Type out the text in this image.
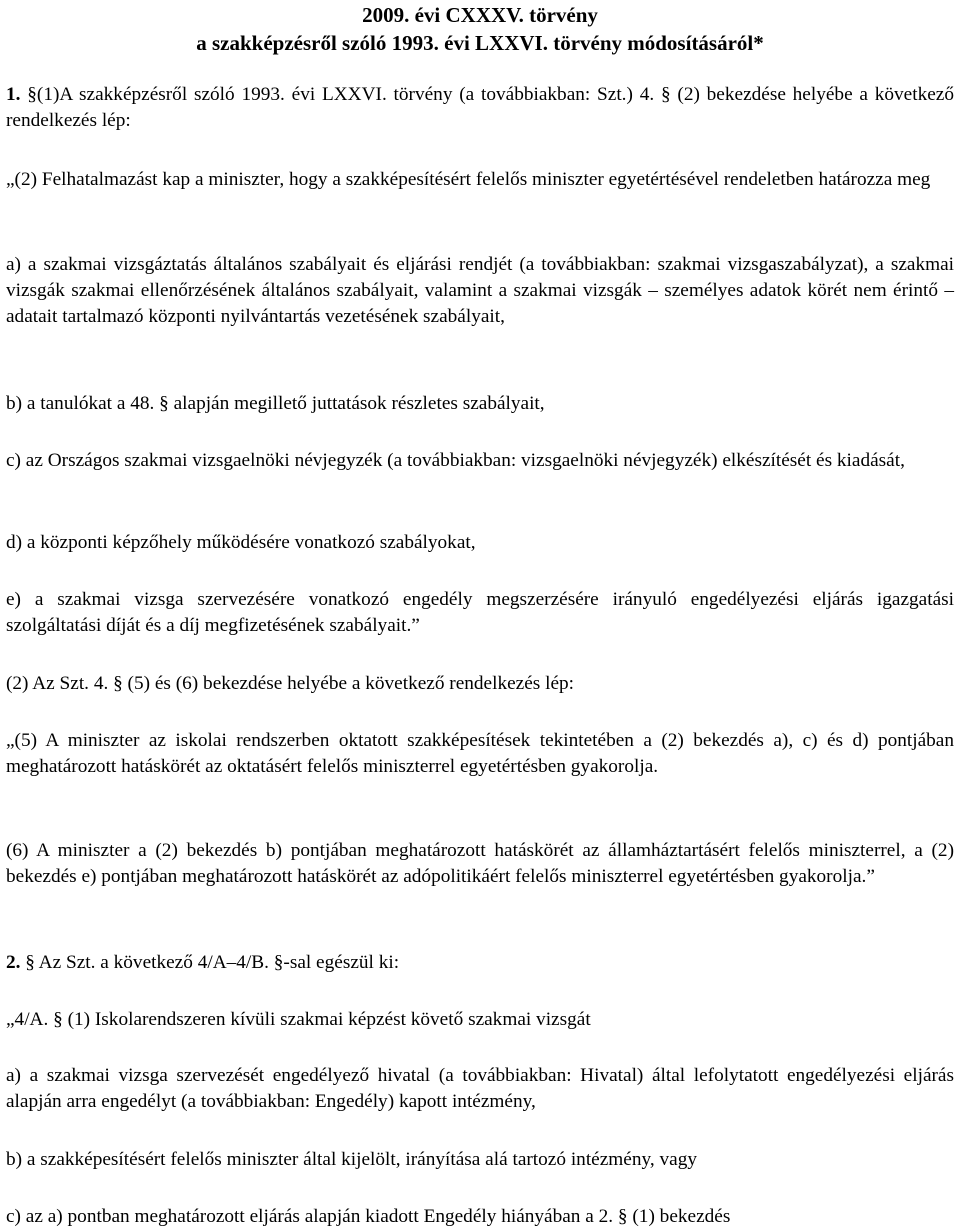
2009. évi CXXXV. törvény
a szakképzésről szóló 1993. évi LXXVI. törvény módosításáról*
1. §(1)A szakképzésről szóló 1993. évi LXXVI. törvény (a továbbiakban: Szt.) 4. § (2) bekezdése helyébe a következő rendelkezés lép:
„(2) Felhatalmazást kap a miniszter, hogy a szakképesítésért felelős miniszter egyetértésével rendeletben határozza meg
a) a szakmai vizsgáztatás általános szabályait és eljárási rendjét (a továbbiakban: szakmai vizsgaszabályzat), a szakmai vizsgák szakmai ellenőrzésének általános szabályait, valamint a szakmai vizsgák – személyes adatok körét nem érintő – adatait tartalmazó központi nyilvántartás vezetésének szabályait,
b) a tanulókat a 48. § alapján megillető juttatások részletes szabályait,
c) az Országos szakmai vizsgaelnöki névjegyzék (a továbbiakban: vizsgaelnöki névjegyzék) elkészítését és kiadását,
d) a központi képzőhely működésére vonatkozó szabályokat,
e) a szakmai vizsga szervezésére vonatkozó engedély megszerzésére irányuló engedélyezési eljárás igazgatási szolgáltatási díját és a díj megfizetésének szabályait.”
(2) Az Szt. 4. § (5) és (6) bekezdése helyébe a következő rendelkezés lép:
„(5) A miniszter az iskolai rendszerben oktatott szakképesítések tekintetében a (2) bekezdés a), c) és d) pontjában meghatározott hatáskörét az oktatásért felelős miniszterrel egyetértésben gyakorolja.
(6) A miniszter a (2) bekezdés b) pontjában meghatározott hatáskörét az államháztartásért felelős miniszterrel, a (2) bekezdés e) pontjában meghatározott hatáskörét az adópolitikáért felelős miniszterrel egyetértésben gyakorolja.”
2. § Az Szt. a következő 4/A–4/B. §-sal egészül ki:
„4/A. § (1) Iskolarendszeren kívüli szakmai képzést követő szakmai vizsgát
a) a szakmai vizsga szervezését engedélyező hivatal (a továbbiakban: Hivatal) által lefolytatott engedélyezési eljárás alapján arra engedélyt (a továbbiakban: Engedély) kapott intézmény,
b) a szakképesítésért felelős miniszter által kijelölt, irányítása alá tartozó intézmény, vagy
c) az a) pontban meghatározott eljárás alapján kiadott Engedély hiányában a 2. § (1) bekezdés
